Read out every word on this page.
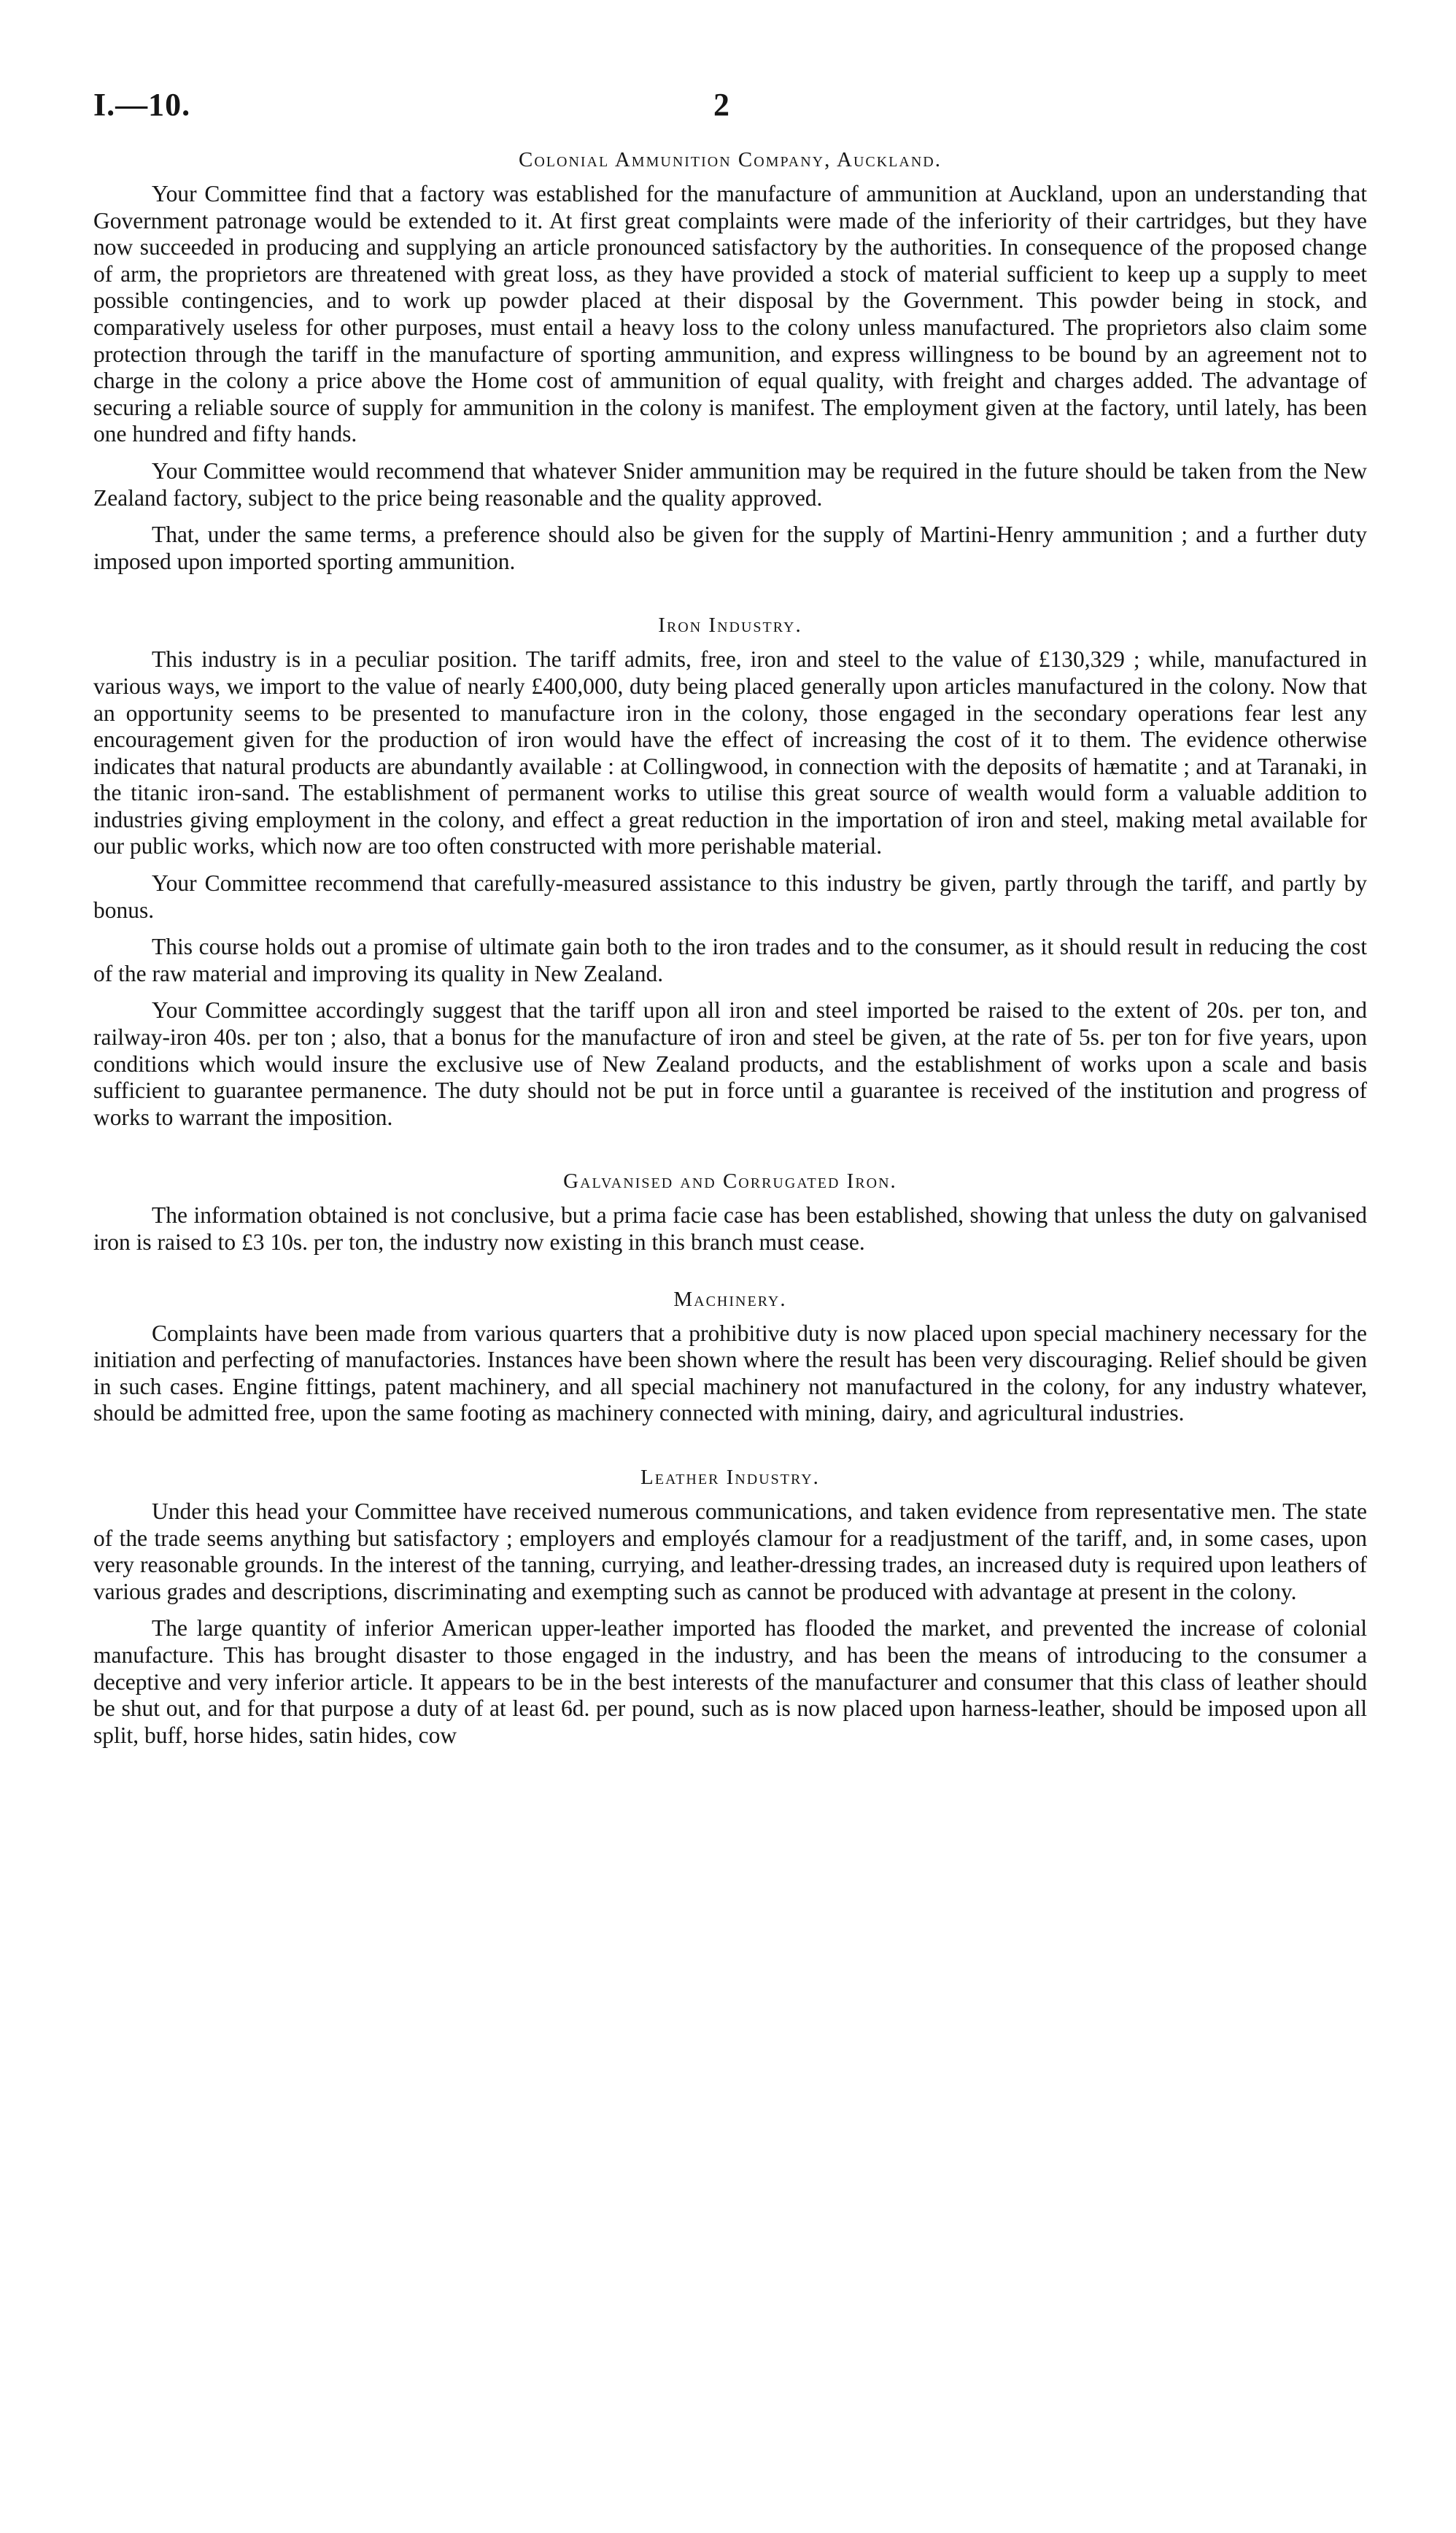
I.—10.	2
Colonial Ammunition Company, Auckland.

Your Committee find that a factory was established for the manufacture of ammunition at Auckland, upon an understanding that Government patronage would be extended to it. At first great complaints were made of the inferiority of their cartridges, but they have now succeeded in producing and supplying an article pronounced satisfactory by the authorities. In consequence of the proposed change of arm, the proprietors are threatened with great loss, as they have provided a stock of material sufficient to keep up a supply to meet possible contingencies, and to work up powder placed at their disposal by the Government. This powder being in stock, and comparatively useless for other purposes, must entail a heavy loss to the colony unless manufactured. The proprietors also claim some protection through the tariff in the manufacture of sporting ammunition, and express willingness to be bound by an agreement not to charge in the colony a price above the Home cost of ammunition of equal quality, with freight and charges added. The advantage of securing a reliable source of supply for ammunition in the colony is manifest. The employment given at the factory, until lately, has been one hundred and fifty hands.

Your Committee would recommend that whatever Snider ammunition may be required in the future should be taken from the New Zealand factory, subject to the price being reasonable and the quality approved.

That, under the same terms, a preference should also be given for the supply of Martini-Henry ammunition ; and a further duty imposed upon imported sporting ammunition.

Iron Industry.

This industry is in a peculiar position. The tariff admits, free, iron and steel to the value of £130,329 ; while, manufactured in various ways, we import to the value of nearly £400,000, duty being placed generally upon articles manufactured in the colony. Now that an opportunity seems to be presented to manufacture iron in the colony, those engaged in the secondary operations fear lest any encouragement given for the production of iron would have the effect of increasing the cost of it to them. The evidence otherwise indicates that natural products are abundantly available : at Collingwood, in connection with the deposits of hæmatite ; and at Taranaki, in the titanic iron-sand. The establishment of permanent works to utilise this great source of wealth would form a valuable addition to industries giving employment in the colony, and effect a great reduction in the importation of iron and steel, making metal available for our public works, which now are too often constructed with more perishable material.

Your Committee recommend that carefully-measured assistance to this industry be given, partly through the tariff, and partly by bonus.

This course holds out a promise of ultimate gain both to the iron trades and to the consumer, as it should result in reducing the cost of the raw material and improving its quality in New Zealand.

Your Committee accordingly suggest that the tariff upon all iron and steel imported be raised to the extent of 20s. per ton, and railway-iron 40s. per ton ; also, that a bonus for the manufacture of iron and steel be given, at the rate of 5s. per ton for five years, upon conditions which would insure the exclusive use of New Zealand products, and the establishment of works upon a scale and basis sufficient to guarantee permanence. The duty should not be put in force until a guarantee is received of the institution and progress of works to warrant the imposition.

Galvanised and Corrugated Iron.

The information obtained is not conclusive, but a prima facie case has been established, showing that unless the duty on galvanised iron is raised to £3 10s. per ton, the industry now existing in this branch must cease.

Machinery.

Complaints have been made from various quarters that a prohibitive duty is now placed upon special machinery necessary for the initiation and perfecting of manufactories. Instances have been shown where the result has been very discouraging. Relief should be given in such cases. Engine fittings, patent machinery, and all special machinery not manufactured in the colony, for any industry whatever, should be admitted free, upon the same footing as machinery connected with mining, dairy, and agricultural industries.

Leather Industry.

Under this head your Committee have received numerous communications, and taken evidence from representative men. The state of the trade seems anything but satisfactory ; employers and employés clamour for a readjustment of the tariff, and, in some cases, upon very reasonable grounds. In the interest of the tanning, currying, and leather-dressing trades, an increased duty is required upon leathers of various grades and descriptions, discriminating and exempting such as cannot be produced with advantage at present in the colony.

The large quantity of inferior American upper-leather imported has flooded the market, and prevented the increase of colonial manufacture. This has brought disaster to those engaged in the industry, and has been the means of introducing to the consumer a deceptive and very inferior article. It appears to be in the best interests of the manufacturer and consumer that this class of leather should be shut out, and for that purpose a duty of at least 6d. per pound, such as is now placed upon harness-leather, should be imposed upon all split, buff, horse hides, satin hides, cow
